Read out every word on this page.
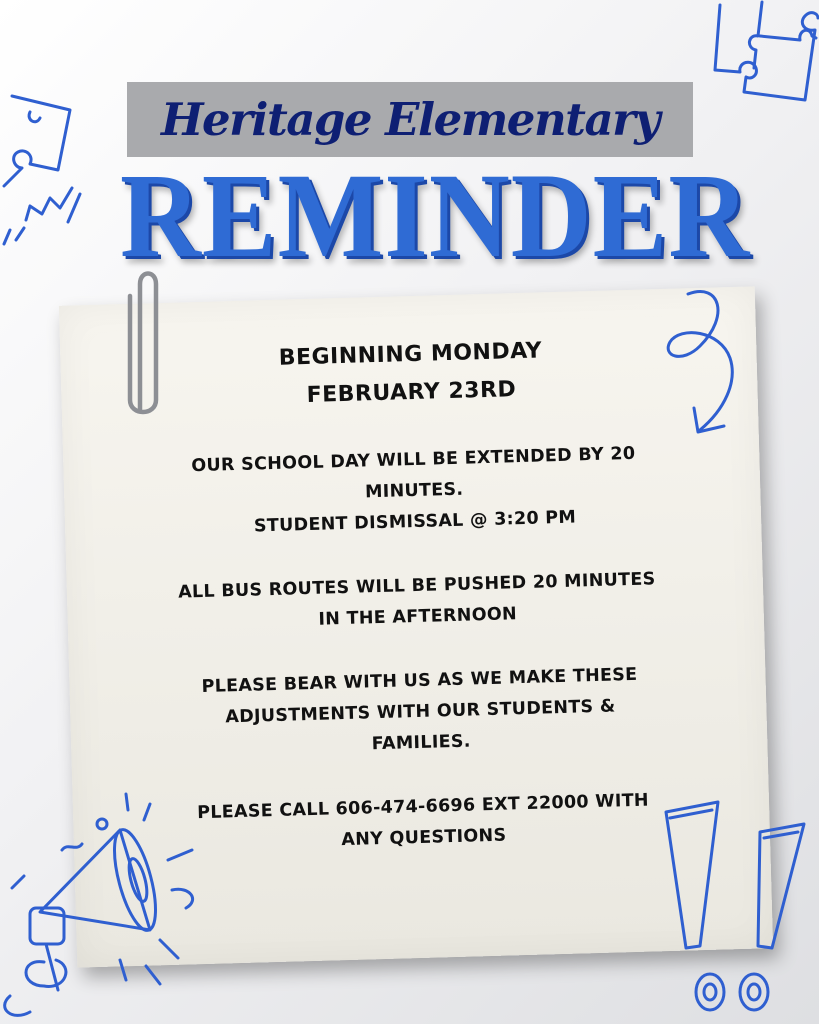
Heritage Elementary
REMINDER
BEGINNING MONDAY
FEBRUARY 23RD
OUR SCHOOL DAY WILL BE EXTENDED BY 20
MINUTES.
STUDENT DISMISSAL @ 3:20 PM
ALL BUS ROUTES WILL BE PUSHED 20 MINUTES
IN THE AFTERNOON
PLEASE BEAR WITH US AS WE MAKE THESE
ADJUSTMENTS WITH OUR STUDENTS &
FAMILIES.
PLEASE CALL 606-474-6696 EXT 22000 WITH
ANY QUESTIONS
